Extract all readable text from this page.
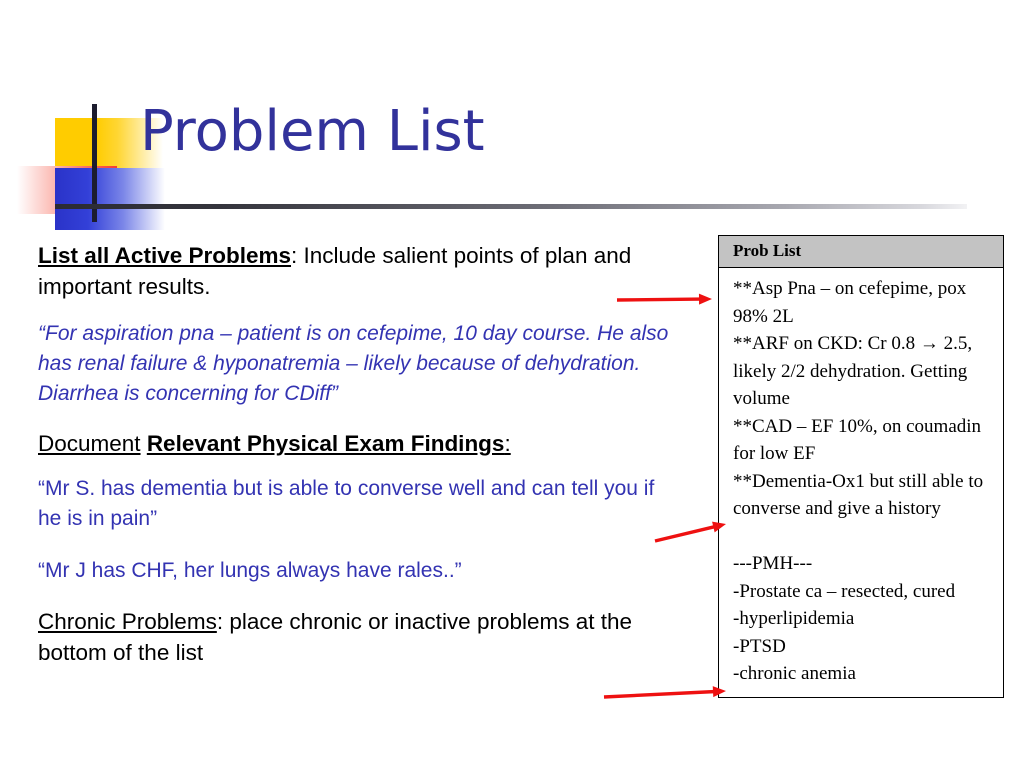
Problem List

List all Active Problems: Include salient points of plan and important results.

“For aspiration pna – patient is on cefepime, 10 day course. He also has renal failure & hyponatremia – likely because of dehydration. Diarrhea is concerning for CDiff”

Document Relevant Physical Exam Findings:

“Mr S. has dementia but is able to converse well and can tell you if he is in pain”

“Mr J has CHF, her lungs always have rales..”

Chronic Problems: place chronic or inactive problems at the bottom of the list

Prob List
**Asp Pna – on cefepime, pox 98% 2L
**ARF on CKD: Cr 0.8 → 2.5, likely 2/2 dehydration. Getting volume
**CAD – EF 10%, on coumadin for low EF
**Dementia-Ox1 but still able to converse and give a history
---PMH---
-Prostate ca – resected, cured
-hyperlipidemia
-PTSD
-chronic anemia
